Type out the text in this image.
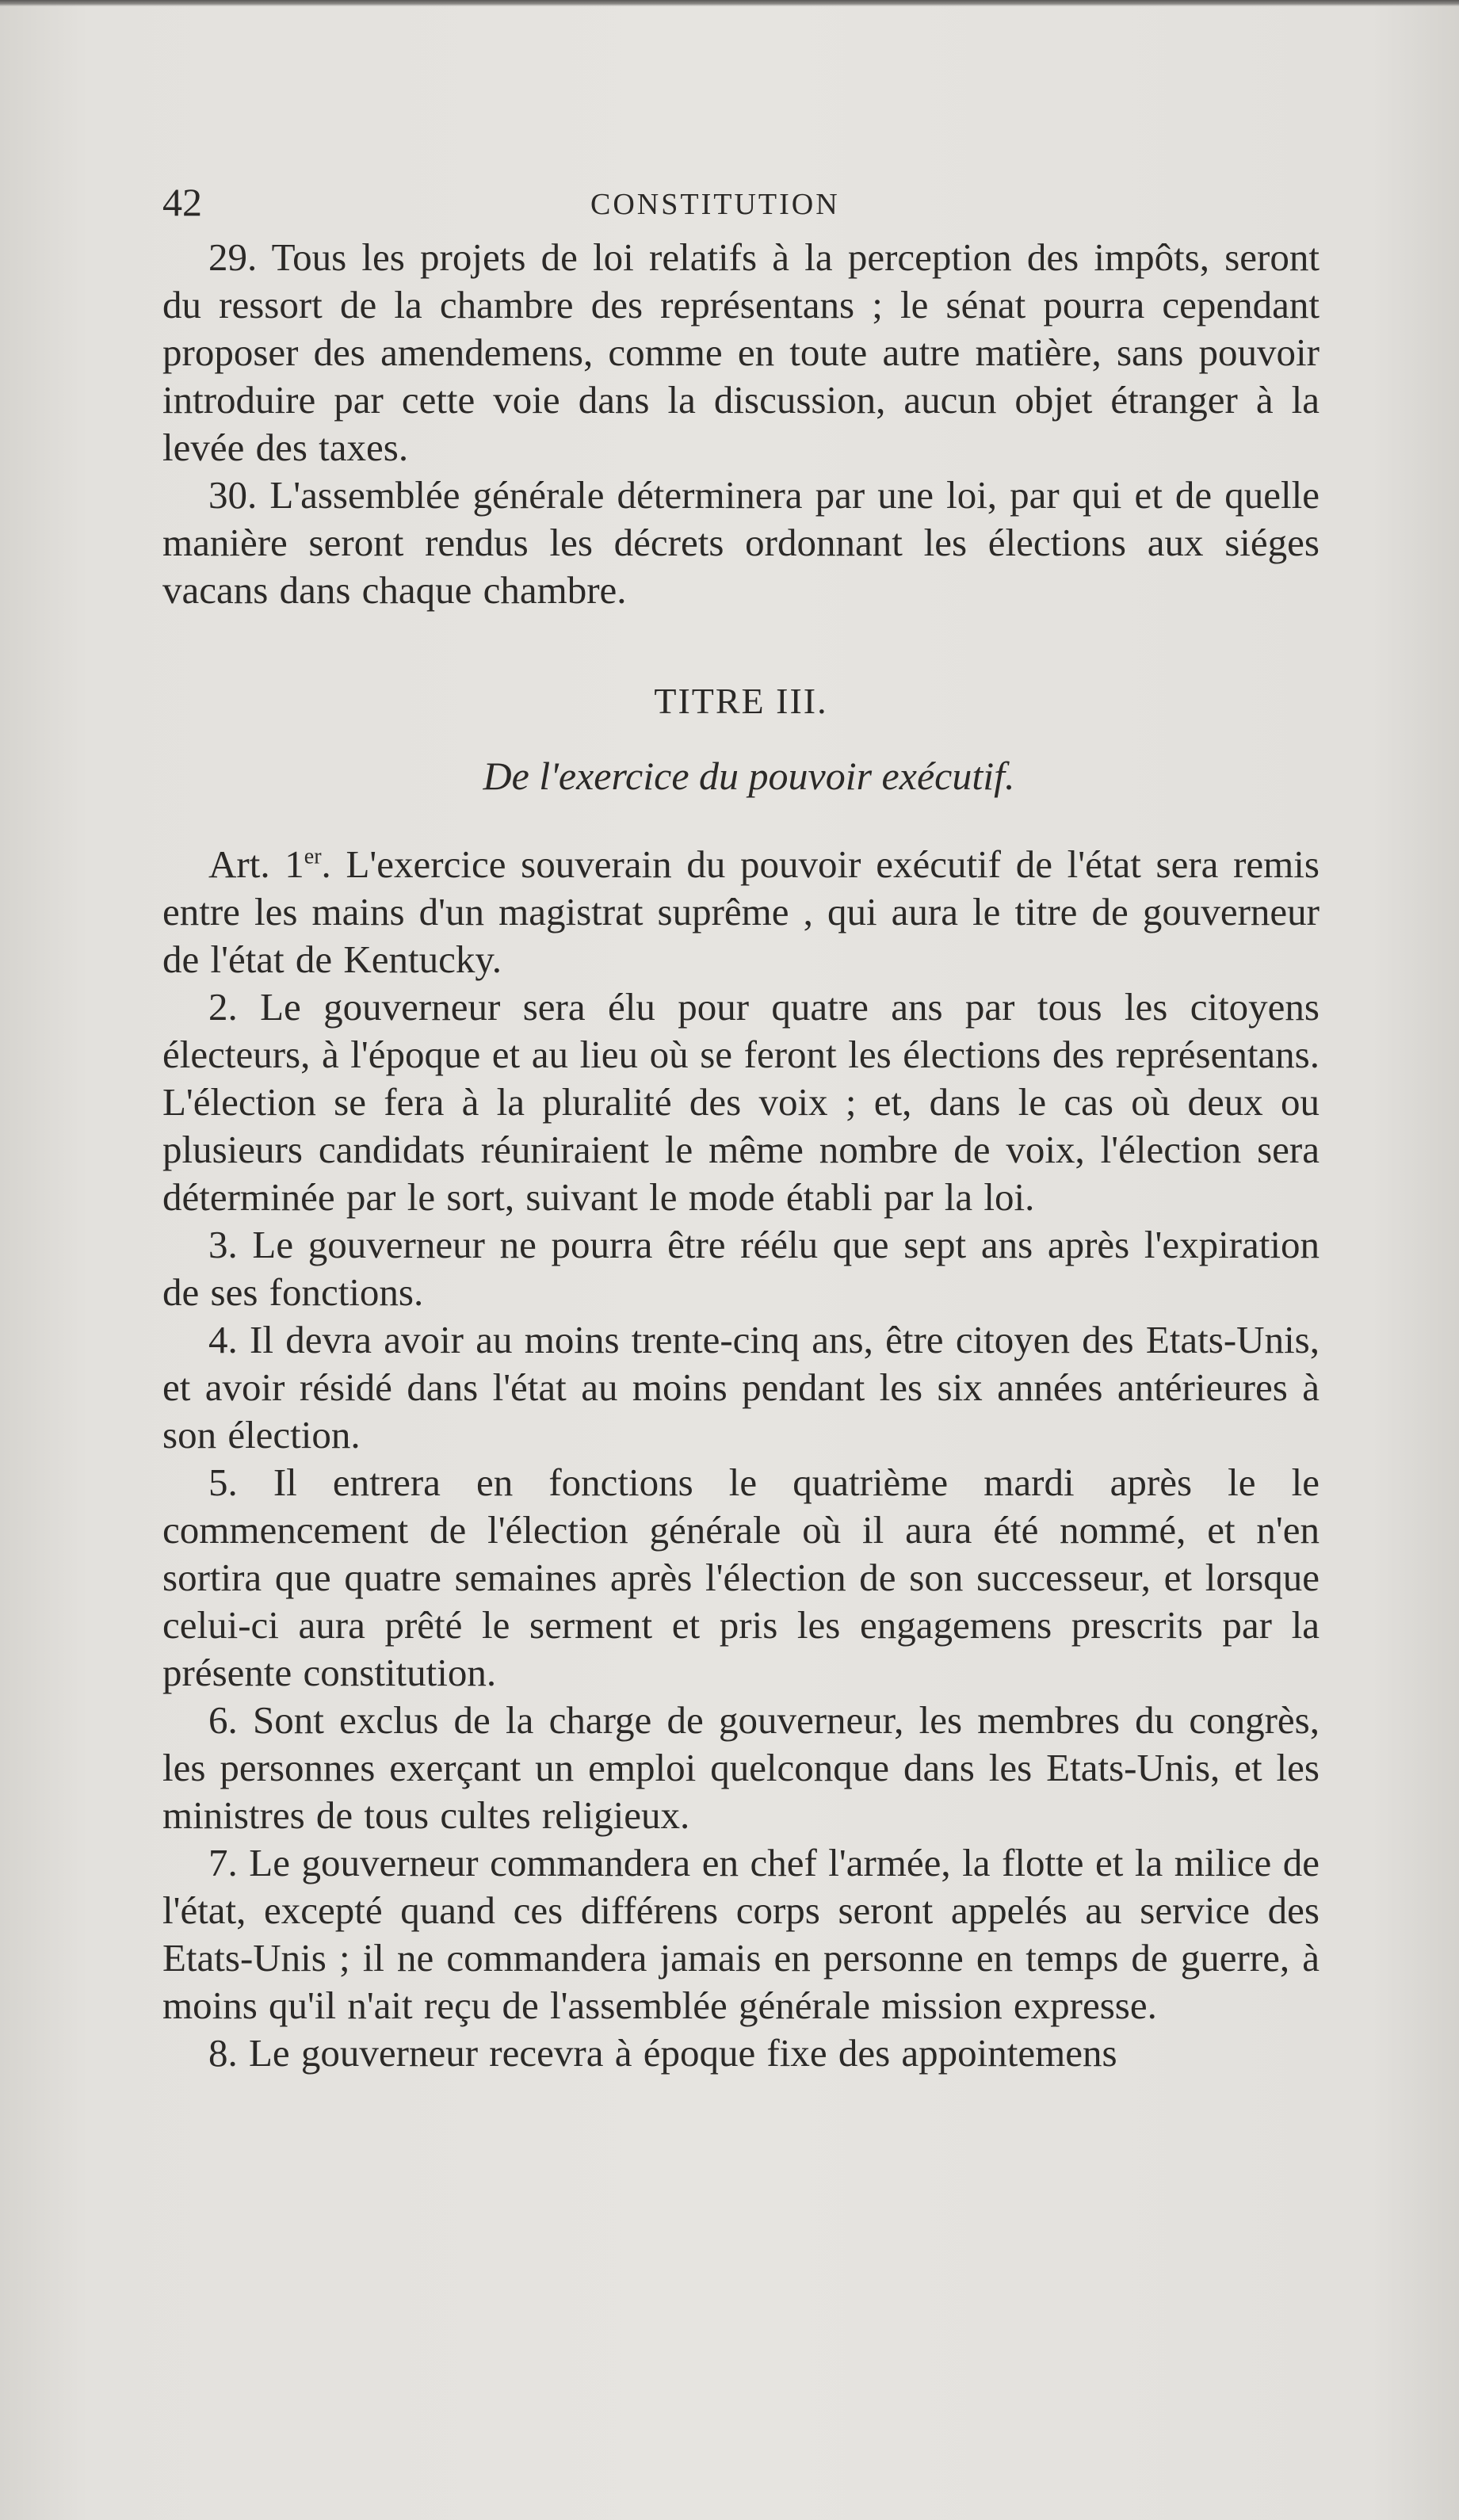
42	CONSTITUTION

29. Tous les projets de loi relatifs à la perception des impôts, seront du ressort de la chambre des représentans ; le sénat pourra cependant proposer des amendemens, comme en toute autre matière, sans pouvoir introduire par cette voie dans la discussion, aucun objet étranger à la levée des taxes.

30. L'assemblée générale déterminera par une loi, par qui et de quelle manière seront rendus les décrets ordonnant les élections aux siéges vacans dans chaque chambre.

TITRE III.
De l'exercice du pouvoir exécutif.

Art. 1er. L'exercice souverain du pouvoir exécutif de l'état sera remis entre les mains d'un magistrat suprême , qui aura le titre de gouverneur de l'état de Kentucky.

2. Le gouverneur sera élu pour quatre ans par tous les citoyens électeurs, à l'époque et au lieu où se feront les élections des représentans. L'élection se fera à la pluralité des voix ; et, dans le cas où deux ou plusieurs candidats réuniraient le même nombre de voix, l'élection sera déterminée par le sort, suivant le mode établi par la loi.

3. Le gouverneur ne pourra être réélu que sept ans après l'expiration de ses fonctions.

4. Il devra avoir au moins trente-cinq ans, être citoyen des Etats-Unis, et avoir résidé dans l'état au moins pendant les six années antérieures à son élection.

5. Il entrera en fonctions le quatrième mardi après le le commencement de l'élection générale où il aura été nommé, et n'en sortira que quatre semaines après l'élection de son successeur, et lorsque celui-ci aura prêté le serment et pris les engagemens prescrits par la présente constitution.

6. Sont exclus de la charge de gouverneur, les membres du congrès, les personnes exerçant un emploi quelconque dans les Etats-Unis, et les ministres de tous cultes religieux.

7. Le gouverneur commandera en chef l'armée, la flotte et la milice de l'état, excepté quand ces différens corps seront appelés au service des Etats-Unis ; il ne commandera jamais en personne en temps de guerre, à moins qu'il n'ait reçu de l'assemblée générale mission expresse.

8. Le gouverneur recevra à époque fixe des appointemens
